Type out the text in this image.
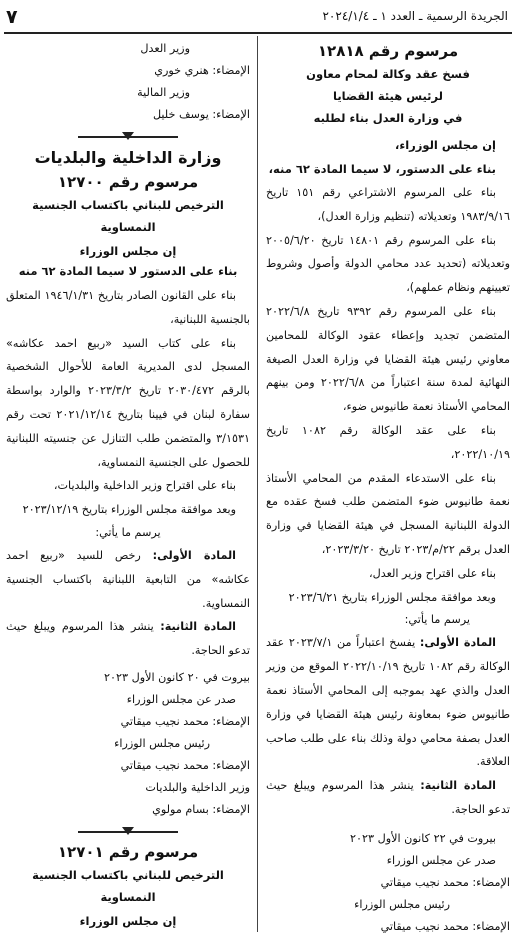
٧	الجريدة الرسمية ـ العدد ١ ـ ٢٠٢٤/١/٤
مرسوم رقم ١٢٨١٨
فسخ عقد وكالة لمحام معاون
لرئيس هيئة القضايا
في وزارة العدل بناء لطلبه
إن مجلس الوزراء،
بناء على الدستور، لا سيما المادة ٦٢ منه،

بناء على المرسوم الاشتراعي رقم ١٥١ تاريخ ١٩٨٣/٩/١٦ وتعديلاته (تنظيم وزارة العدل)،

بناء على المرسوم رقم ١٤٨٠١ تاريخ ٢٠٠٥/٦/٢٠ وتعديلاته (تحديد عدد محامي الدولة وأصول وشروط تعيينهم ونظام عملهم)،

بناء على المرسوم رقم ٩٣٩٢ تاريخ ٢٠٢٢/٦/٨ المتضمن تجديد وإعطاء عقود الوكالة للمحامين معاوني رئيس هيئة القضايا في وزارة العدل الصيغة النهائية لمدة سنة اعتباراً من ٢٠٢٢/٦/٨ ومن بينهم المحامي الأستاذ نعمة طانيوس ضوء،

بناء على عقد الوكالة رقم ١٠٨٢ تاريخ ٢٠٢٢/١٠/١٩،

بناء على الاستدعاء المقدم من المحامي الأستاذ نعمة طانيوس ضوء المتضمن طلب فسخ عقده مع الدولة اللبنانية المسجل في هيئة القضايا في وزارة العدل برقم ٢٢/م/٢٠٢٣ تاريخ ٢٠٢٣/٣/٢٠،

بناء على اقتراح وزير العدل،

وبعد موافقة مجلس الوزراء بتاريخ ٢٠٢٣/٦/٢١

يرسم ما يأتي:

المادة الأولى: يفسخ اعتباراً من ٢٠٢٣/٧/١ عقد الوكالة رقم ١٠٨٢ تاريخ ٢٠٢٢/١٠/١٩ الموقع من وزير العدل والذي عهد بموجبه إلى المحامي الأستاذ نعمة طانيوس ضوء بمعاونة رئيس هيئة القضايا في وزارة العدل بصفة محامي دولة وذلك بناء على طلب صاحب العلاقة.

المادة الثانية: ينشر هذا المرسوم ويبلغ حيث تدعو الحاجة.

بيروت في ٢٢ كانون الأول ٢٠٢٣

صدر عن مجلس الوزراء

الإمضاء: محمد نجيب ميقاتي

رئيس مجلس الوزراء

الإمضاء: محمد نجيب ميقاتي

وزير العدل

الإمضاء: هنري خوري

وزير المالية

الإمضاء: يوسف خليل

وزارة الداخلية والبلديات
مرسوم رقم ١٢٧٠٠
الترخيص للبناني باكتساب الجنسية النمساوية
إن مجلس الوزراء
بناء على الدستور لا سيما المادة ٦٢ منه

بناء على القانون الصادر بتاريخ ١٩٤٦/١/٣١ المتعلق بالجنسية اللبنانية،

بناء على كتاب السيد «ربيع احمد عكاشه» المسجل لدى المديرية العامة للأحوال الشخصية بالرقم ٢٠٣٠/٤٧٢ تاريخ ٢٠٢٣/٣/٢ والوارد بواسطة سفارة لبنان في فيينا بتاريخ ٢٠٢١/١٢/١٤ تحت رقم ٣/١٥٣١ والمتضمن طلب التنازل عن جنسيته اللبنانية للحصول على الجنسية النمساوية،

بناء على اقتراح وزير الداخلية والبلديات،

وبعد موافقة مجلس الوزراء بتاريخ ٢٠٢٣/١٢/١٩

يرسم ما يأتي:

المادة الأولى: رخص للسيد «ربيع احمد عكاشه» من التابعية اللبنانية باكتساب الجنسية النمساوية.

المادة الثانية: ينشر هذا المرسوم ويبلغ حيث تدعو الحاجة.

بيروت في ٢٠ كانون الأول ٢٠٢٣

صدر عن مجلس الوزراء

الإمضاء: محمد نجيب ميقاتي

رئيس مجلس الوزراء

الإمضاء: محمد نجيب ميقاتي

وزير الداخلية والبلديات

الإمضاء: بسام مولوي

مرسوم رقم ١٢٧٠١
الترخيص للبناني باكتساب الجنسية النمساوية
إن مجلس الوزراء
